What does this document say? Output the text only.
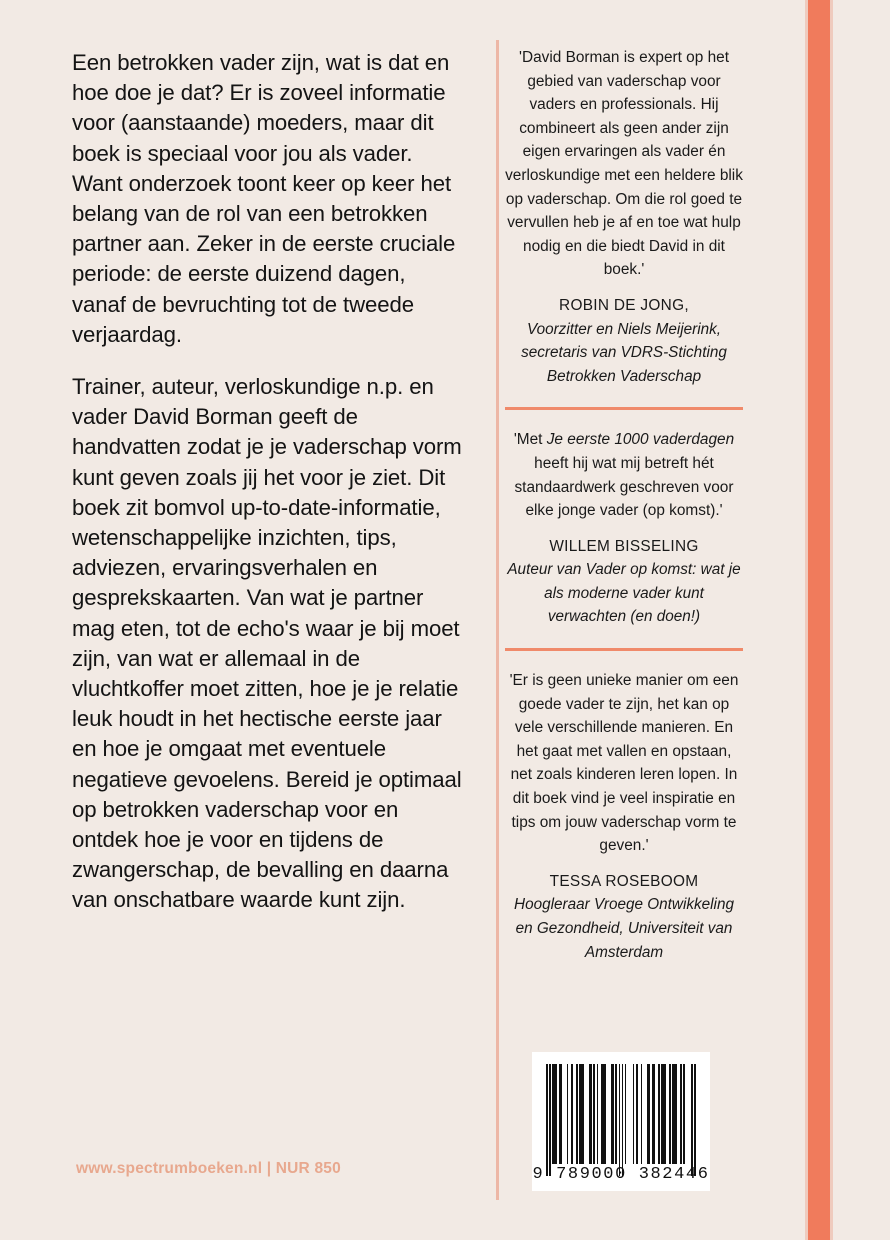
Een betrokken vader zijn, wat is dat en hoe doe je dat? Er is zoveel informatie voor (aanstaande) moeders, maar dit boek is speciaal voor jou als vader. Want onderzoek toont keer op keer het belang van de rol van een betrokken partner aan. Zeker in de eerste cruciale periode: de eerste duizend dagen, vanaf de bevruchting tot de tweede verjaardag.

Trainer, auteur, verloskundige n.p. en vader David Borman geeft de handvatten zodat je je vaderschap vorm kunt geven zoals jij het voor je ziet. Dit boek zit bomvol up-to-date-informatie, wetenschappelijke inzichten, tips, adviezen, ervaringsverhalen en gesprekskaarten. Van wat je partner mag eten, tot de echo's waar je bij moet zijn, van wat er allemaal in de vluchtkoffer moet zitten, hoe je je relatie leuk houdt in het hectische eerste jaar en hoe je omgaat met eventuele negatieve gevoelens. Bereid je optimaal op betrokken vaderschap voor en ontdek hoe je voor en tijdens de zwangerschap, de bevalling en daarna van onschatbare waarde kunt zijn.

'David Borman is expert op het gebied van vaderschap voor vaders en professionals. Hij combineert als geen ander zijn eigen ervaringen als vader én verloskundige met een heldere blik op vaderschap. Om die rol goed te vervullen heb je af en toe wat hulp nodig en die biedt David in dit boek.'

ROBIN DE JONG,

Voorzitter en Niels Meijerink, secretaris van VDRS-Stichting Betrokken Vaderschap

'Met Je eerste 1000 vaderdagen heeft hij wat mij betreft hét standaardwerk geschreven voor elke jonge vader (op komst).'

WILLEM BISSELING

Auteur van Vader op komst: wat je als moderne vader kunt verwachten (en doen!)

'Er is geen unieke manier om een goede vader te zijn, het kan op vele verschillende manieren. En het gaat met vallen en opstaan, net zoals kinderen leren lopen. In dit boek vind je veel inspiratie en tips om jouw vaderschap vorm te geven.'

TESSA ROSEBOOM

Hoogleraar Vroege Ontwikkeling en Gezondheid, Universiteit van Amsterdam

www.spectrumboeken.nl | NUR 850	9 789000 382446
